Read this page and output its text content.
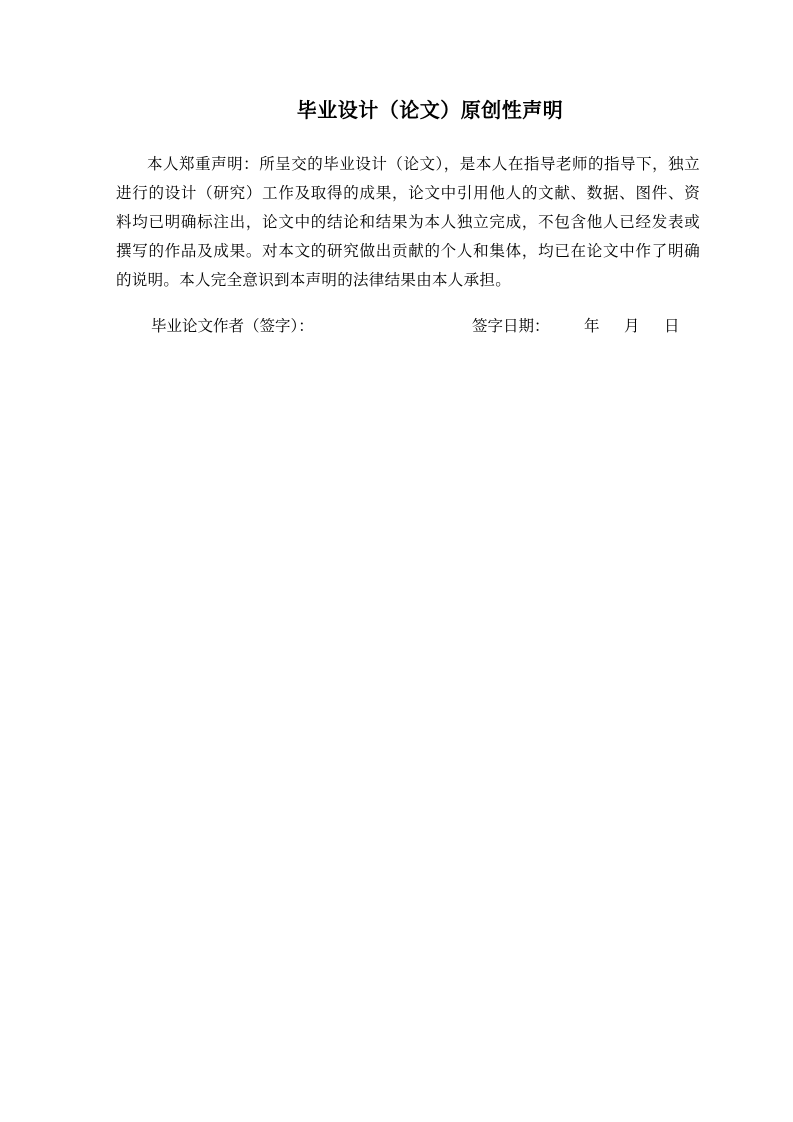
毕业设计（论文）原创性声明

本人郑重声明：所呈交的毕业设计（论文），是本人在指导老师的指导下，独立进行的设计（研究）工作及取得的成果，论文中引用他人的文献、数据、图件、资料均已明确标注出，论文中的结论和结果为本人独立完成，不包含他人已经发表或撰写的作品及成果。对本文的研究做出贡献的个人和集体，均已在论文中作了明确的说明。本人完全意识到本声明的法律结果由本人承担。

毕业论文作者（签字）：	签字日期： 年 月 日
